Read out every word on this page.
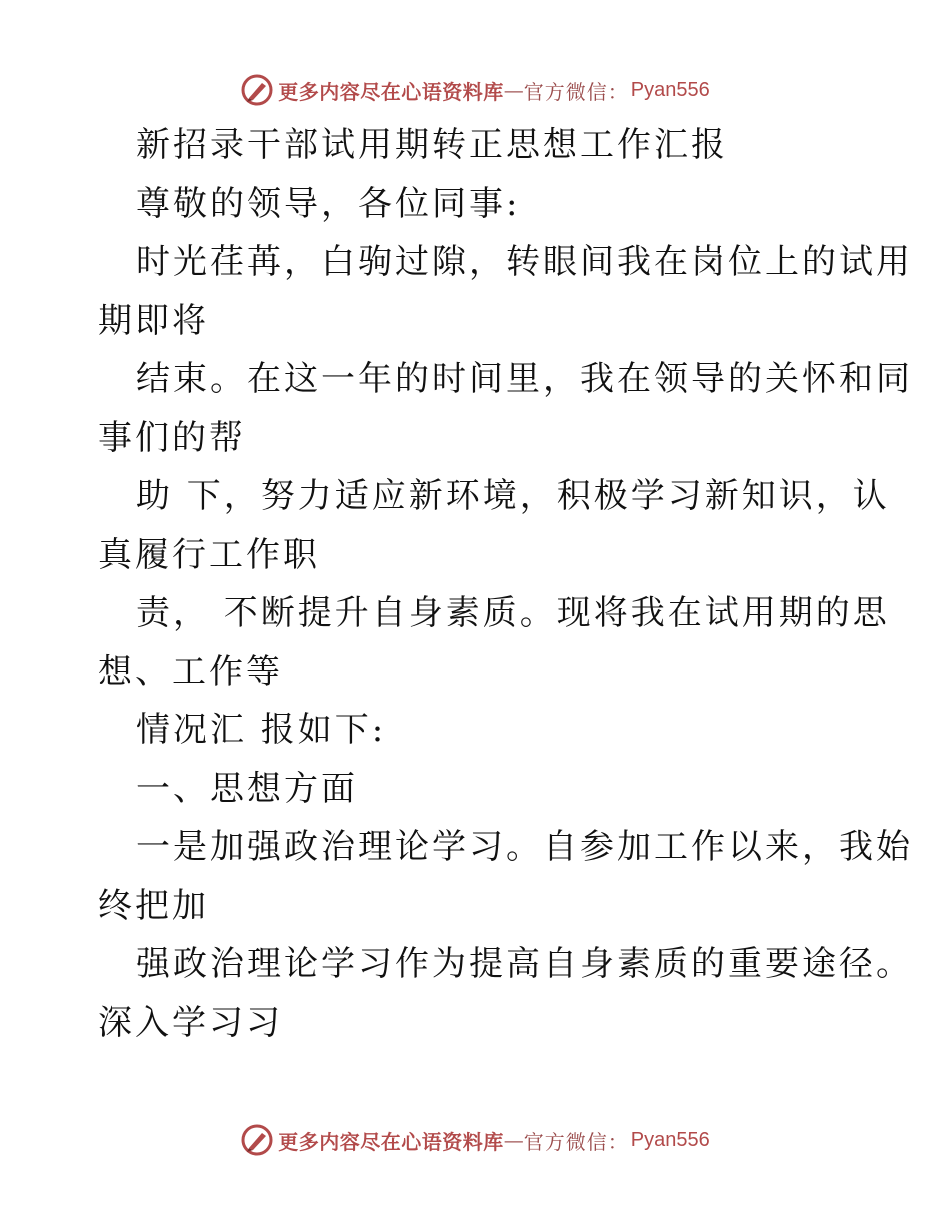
更多内容尽在心语资料库 — 官方微信： Pyan556
新招录干部试用期转正思想工作汇报
尊敬的领导，各位同事:
时光荏苒，白驹过隙，转眼间我在岗位上的试用
期即将
结束。在这一年的时间里，我在领导的关怀和同
事们的帮
助 下，努力适应新环境，积极学习新知识，认
真履行工作职
责， 不断提升自身素质。现将我在试用期的思
想、工作等
情况汇 报如下:
一、思想方面
一是加强政治理论学习。自参加工作以来，我始
终把加
强政治理论学习作为提高自身素质的重要途径。
深入学习习
更多内容尽在心语资料库 — 官方微信： Pyan556
